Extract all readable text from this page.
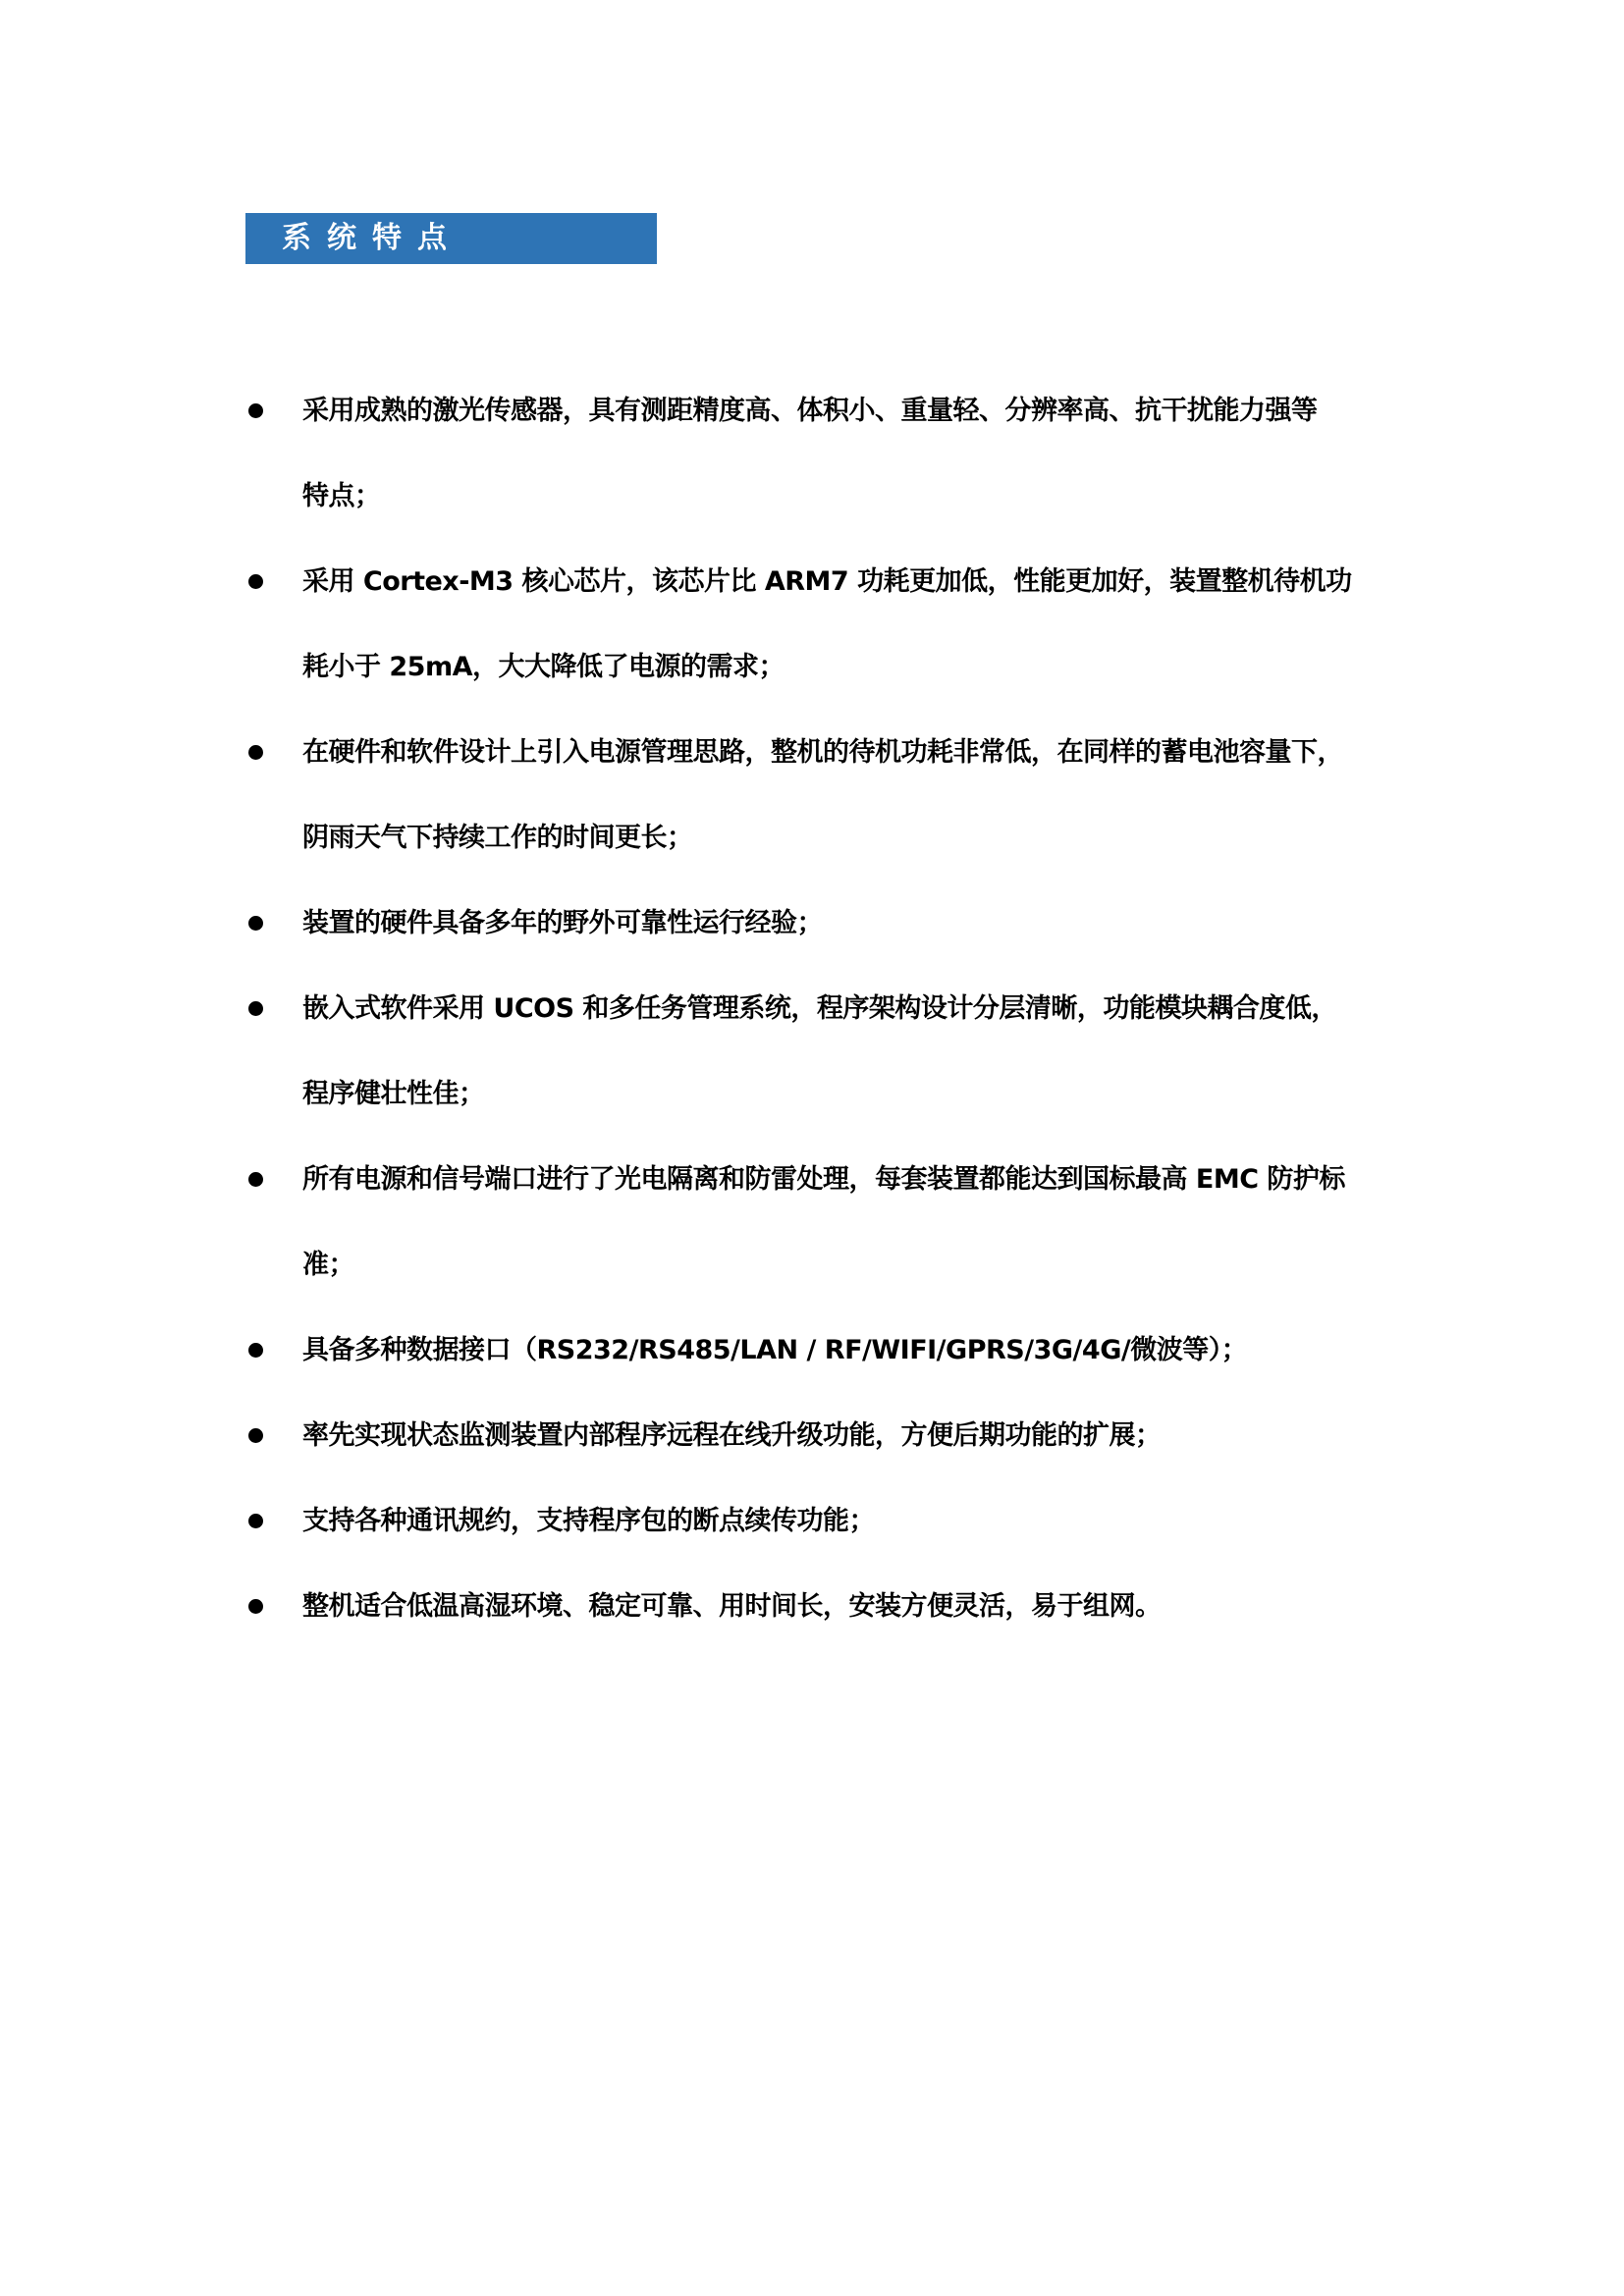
系统特点
采用成熟的激光传感器，具有测距精度高、体积小、重量轻、分辨率高、抗干扰能力强等
特点；
采用 Cortex-M3 核心芯片，该芯片比 ARM7 功耗更加低，性能更加好，装置整机待机功
耗小于 25mA，大大降低了电源的需求；
在硬件和软件设计上引入电源管理思路，整机的待机功耗非常低，在同样的蓄电池容量下，
阴雨天气下持续工作的时间更长；
装置的硬件具备多年的野外可靠性运行经验；
嵌入式软件采用 UCOS 和多任务管理系统，程序架构设计分层清晰，功能模块耦合度低，
程序健壮性佳；
所有电源和信号端口进行了光电隔离和防雷处理，每套装置都能达到国标最高 EMC 防护标
准；
具备多种数据接口（RS232/RS485/LAN / RF/WIFI/GPRS/3G/4G/微波等）；
率先实现状态监测装置内部程序远程在线升级功能，方便后期功能的扩展；
支持各种通讯规约，支持程序包的断点续传功能；
整机适合低温高湿环境、稳定可靠、用时间长，安装方便灵活，易于组网。
